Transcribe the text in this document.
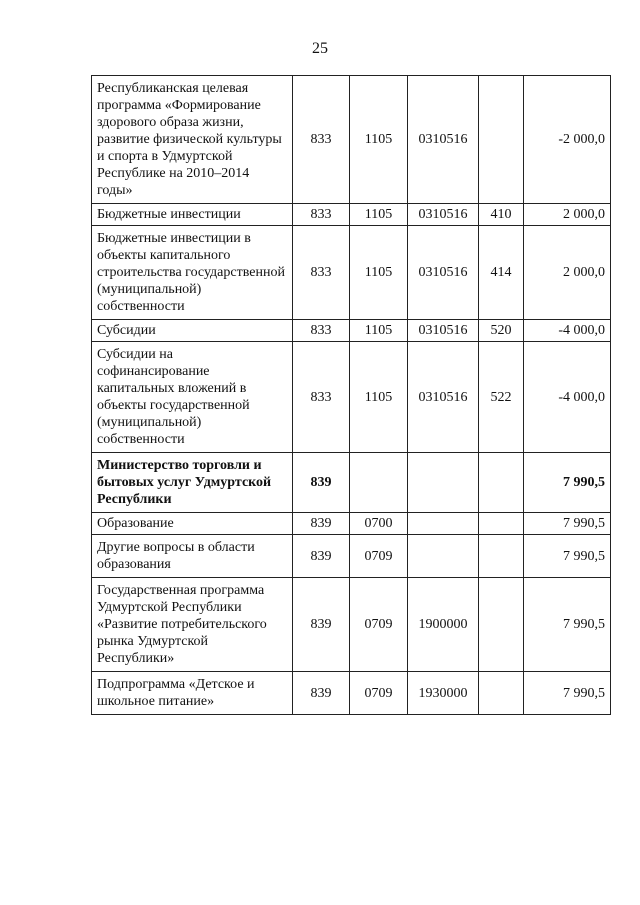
25
Республиканская целевая программа «Формирование здорового образа жизни, развитие физической культуры и спорта в Удмуртской Республике на 2010–2014 годы»	833	1105	0310516		-2 000,0
Бюджетные инвестиции	833	1105	0310516	410	2 000,0
Бюджетные инвестиции в объекты капитального строительства государственной (муниципальной) собственности	833	1105	0310516	414	2 000,0
Субсидии	833	1105	0310516	520	-4 000,0
Субсидии на софинансирование капитальных вложений в объекты государственной (муниципальной) собственности	833	1105	0310516	522	-4 000,0
Министерство торговли и бытовых услуг Удмуртской Республики	839				7 990,5
Образование	839	0700			7 990,5
Другие вопросы в области образования	839	0709			7 990,5
Государственная программа Удмуртской Республики «Развитие потребительского рынка Удмуртской Республики»	839	0709	1900000		7 990,5
Подпрограмма «Детское и школьное питание»	839	0709	1930000		7 990,5
